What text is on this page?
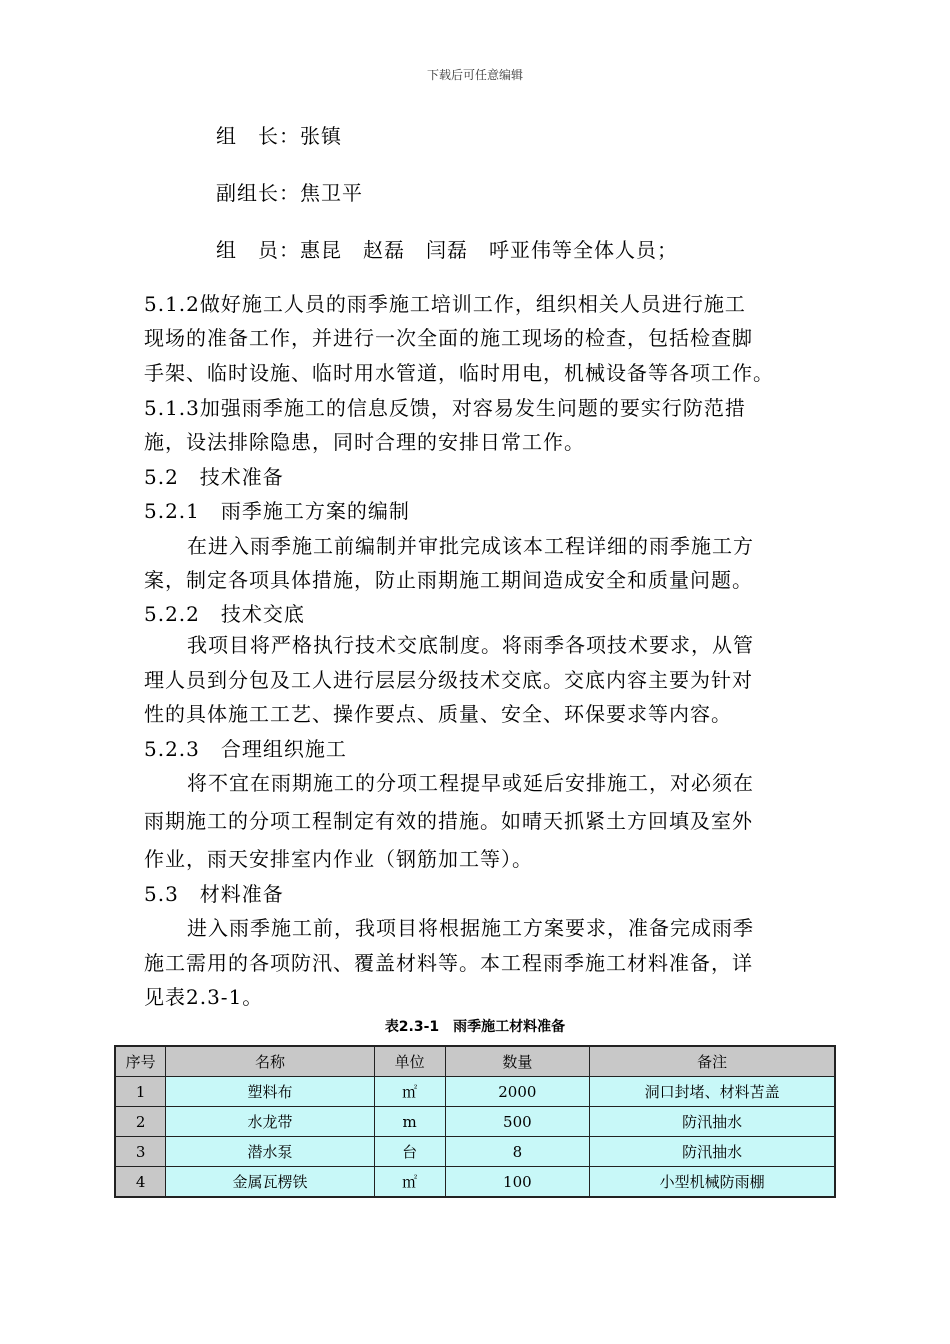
下载后可任意编辑
组　长：张镇
副组长：焦卫平
组　员：惠昆　赵磊　闫磊　呼亚伟等全体人员；
5.1.2做好施工人员的雨季施工培训工作，组织相关人员进行施工
现场的准备工作，并进行一次全面的施工现场的检查，包括检查脚
手架、临时设施、临时用水管道，临时用电，机械设备等各项工作。
5.1.3加强雨季施工的信息反馈，对容易发生问题的要实行防范措
施，设法排除隐患，同时合理的安排日常工作。
5.2　技术准备
5.2.1　雨季施工方案的编制
　在进入雨季施工前编制并审批完成该本工程详细的雨季施工方
案，制定各项具体措施，防止雨期施工期间造成安全和质量问题。
5.2.2　技术交底
　我项目将严格执行技术交底制度。将雨季各项技术要求，从管
理人员到分包及工人进行层层分级技术交底。交底内容主要为针对
性的具体施工工艺、操作要点、质量、安全、环保要求等内容。
5.2.3　合理组织施工
　将不宜在雨期施工的分项工程提早或延后安排施工，对必须在
雨期施工的分项工程制定有效的措施。如晴天抓紧土方回填及室外
作业，雨天安排室内作业（钢筋加工等）。
5.3　材料准备
　进入雨季施工前，我项目将根据施工方案要求，准备完成雨季
施工需用的各项防汛、覆盖材料等。本工程雨季施工材料准备，详
见表2.3-1。
表2.3-1　雨季施工材料准备
序号	名称	单位	数量	备注
1	塑料布	㎡	2000	洞口封堵、材料苫盖
2	水龙带	m	500	防汛抽水
3	潜水泵	台	8	防汛抽水
4	金属瓦楞铁	㎡	100	小型机械防雨棚
